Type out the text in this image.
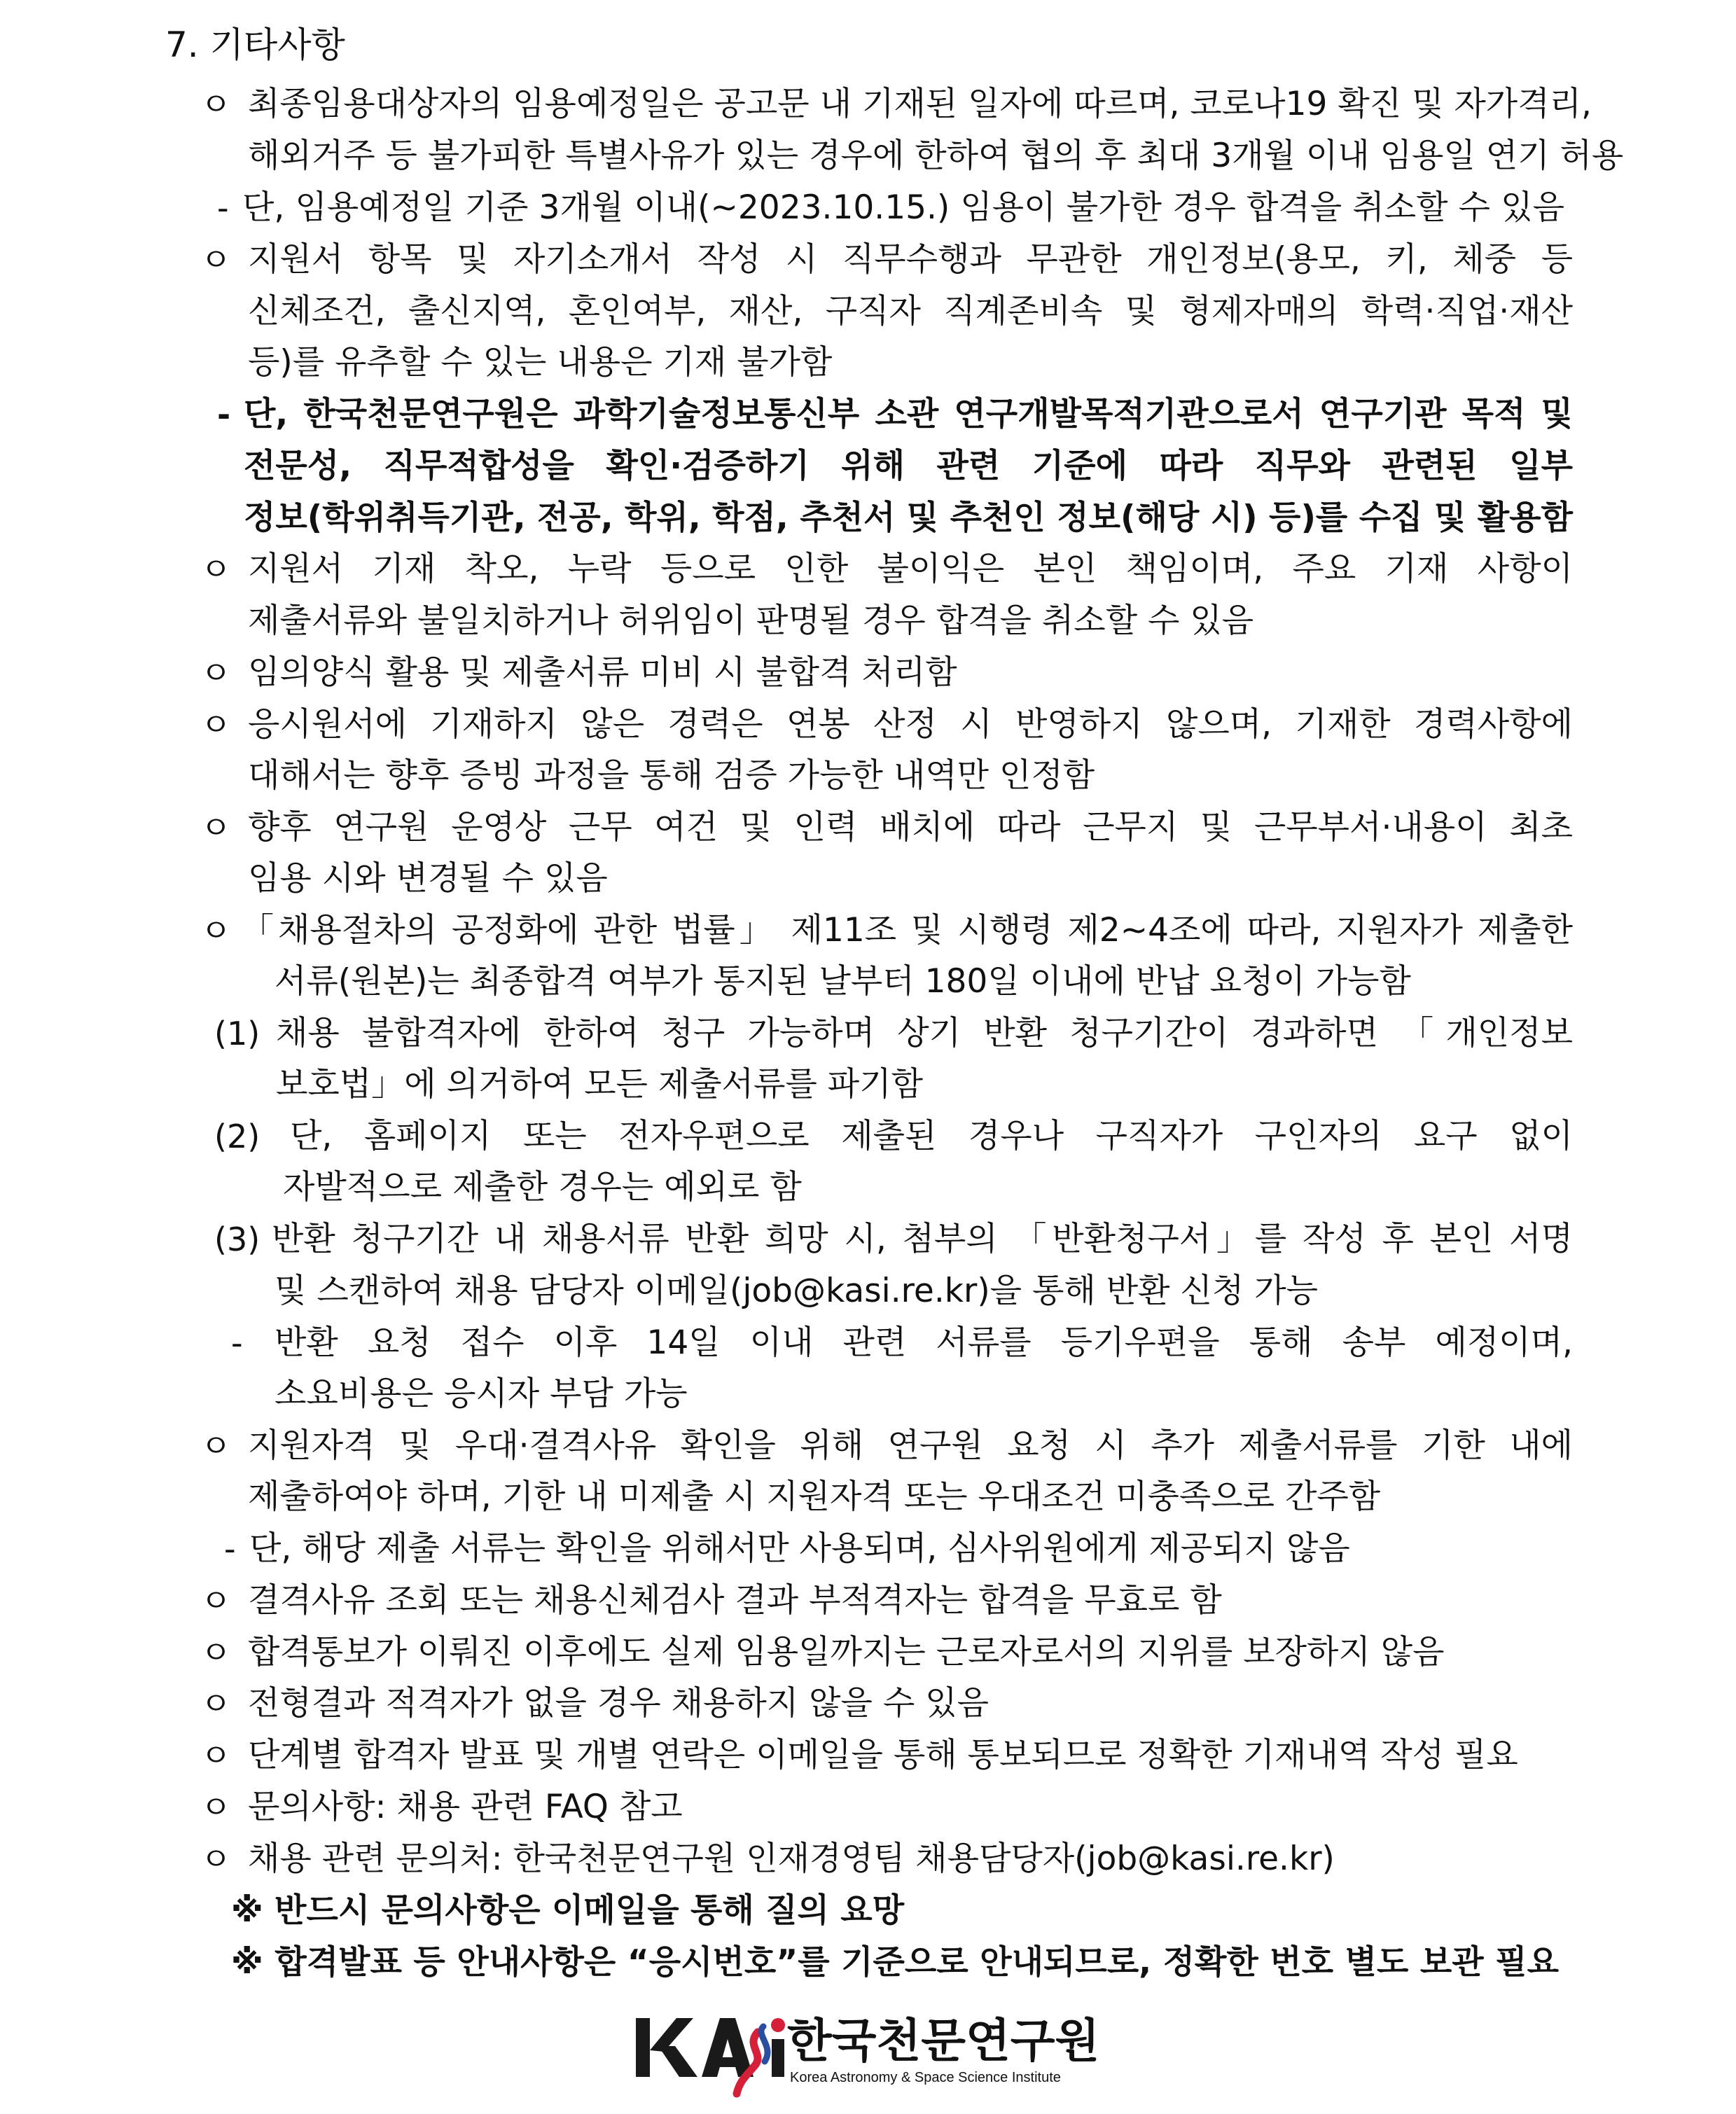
7. 기타사항
ㅇ
-
ㅇ
-
ㅇ
ㅇ
ㅇ
ㅇ
ㅇ
(1)
(2)
(3)
-
ㅇ
-
ㅇ
ㅇ
ㅇ
ㅇ
ㅇ
ㅇ
최종임용대상자의 임용예정일은 공고문 내 기재된 일자에 따르며, 코로나19 확진 및 자가격리,
해외거주 등 불가피한 특별사유가 있는 경우에 한하여 협의 후 최대 3개월 이내 임용일 연기 허용
단, 임용예정일 기준 3개월 이내(~2023.10.15.) 임용이 불가한 경우 합격을 취소할 수 있음
지원서 항목 및 자기소개서 작성 시 직무수행과 무관한 개인정보(용모, 키, 체중 등
신체조건, 출신지역, 혼인여부, 재산, 구직자 직계존비속 및 형제자매의 학력·직업·재산
등)를 유추할 수 있는 내용은 기재 불가함
단, 한국천문연구원은 과학기술정보통신부 소관 연구개발목적기관으로서 연구기관 목적 및
전문성, 직무적합성을 확인·검증하기 위해 관련 기준에 따라 직무와 관련된 일부
정보(학위취득기관, 전공, 학위, 학점, 추천서 및 추천인 정보(해당 시) 등)를 수집 및 활용함
지원서 기재 착오, 누락 등으로 인한 불이익은 본인 책임이며, 주요 기재 사항이
제출서류와 불일치하거나 허위임이 판명될 경우 합격을 취소할 수 있음
임의양식 활용 및 제출서류 미비 시 불합격 처리함
응시원서에 기재하지 않은 경력은 연봉 산정 시 반영하지 않으며, 기재한 경력사항에
대해서는 향후 증빙 과정을 통해 검증 가능한 내역만 인정함
향후 연구원 운영상 근무 여건 및 인력 배치에 따라 근무지 및 근무부서·내용이 최초
임용 시와 변경될 수 있음
「채용절차의 공정화에 관한 법률」 제11조 및 시행령 제2~4조에 따라, 지원자가 제출한
서류(원본)는 최종합격 여부가 통지된 날부터 180일 이내에 반납 요청이 가능함
채용 불합격자에 한하여 청구 가능하며 상기 반환 청구기간이 경과하면 「개인정보
보호법」에 의거하여 모든 제출서류를 파기함
단, 홈페이지 또는 전자우편으로 제출된 경우나 구직자가 구인자의 요구 없이
자발적으로 제출한 경우는 예외로 함
반환 청구기간 내 채용서류 반환 희망 시, 첨부의 「반환청구서」를 작성 후 본인 서명
및 스캔하여 채용 담당자 이메일(job@kasi.re.kr)을 통해 반환 신청 가능
반환 요청 접수 이후 14일 이내 관련 서류를 등기우편을 통해 송부 예정이며,
소요비용은 응시자 부담 가능
지원자격 및 우대·결격사유 확인을 위해 연구원 요청 시 추가 제출서류를 기한 내에
제출하여야 하며, 기한 내 미제출 시 지원자격 또는 우대조건 미충족으로 간주함
단, 해당 제출 서류는 확인을 위해서만 사용되며, 심사위원에게 제공되지 않음
결격사유 조회 또는 채용신체검사 결과 부적격자는 합격을 무효로 함
합격통보가 이뤄진 이후에도 실제 임용일까지는 근로자로서의 지위를 보장하지 않음
전형결과 적격자가 없을 경우 채용하지 않을 수 있음
단계별 합격자 발표 및 개별 연락은 이메일을 통해 통보되므로 정확한 기재내역 작성 필요
문의사항: 채용 관련 FAQ 참고
채용 관련 문의처: 한국천문연구원 인재경영팀 채용담당자(job@kasi.re.kr)
※ 반드시 문의사항은 이메일을 통해 질의 요망
※ 합격발표 등 안내사항은 “응시번호”를 기준으로 안내되므로, 정확한 번호 별도 보관 필요
한국천문연구원
Korea Astronomy & Space Science Institute
